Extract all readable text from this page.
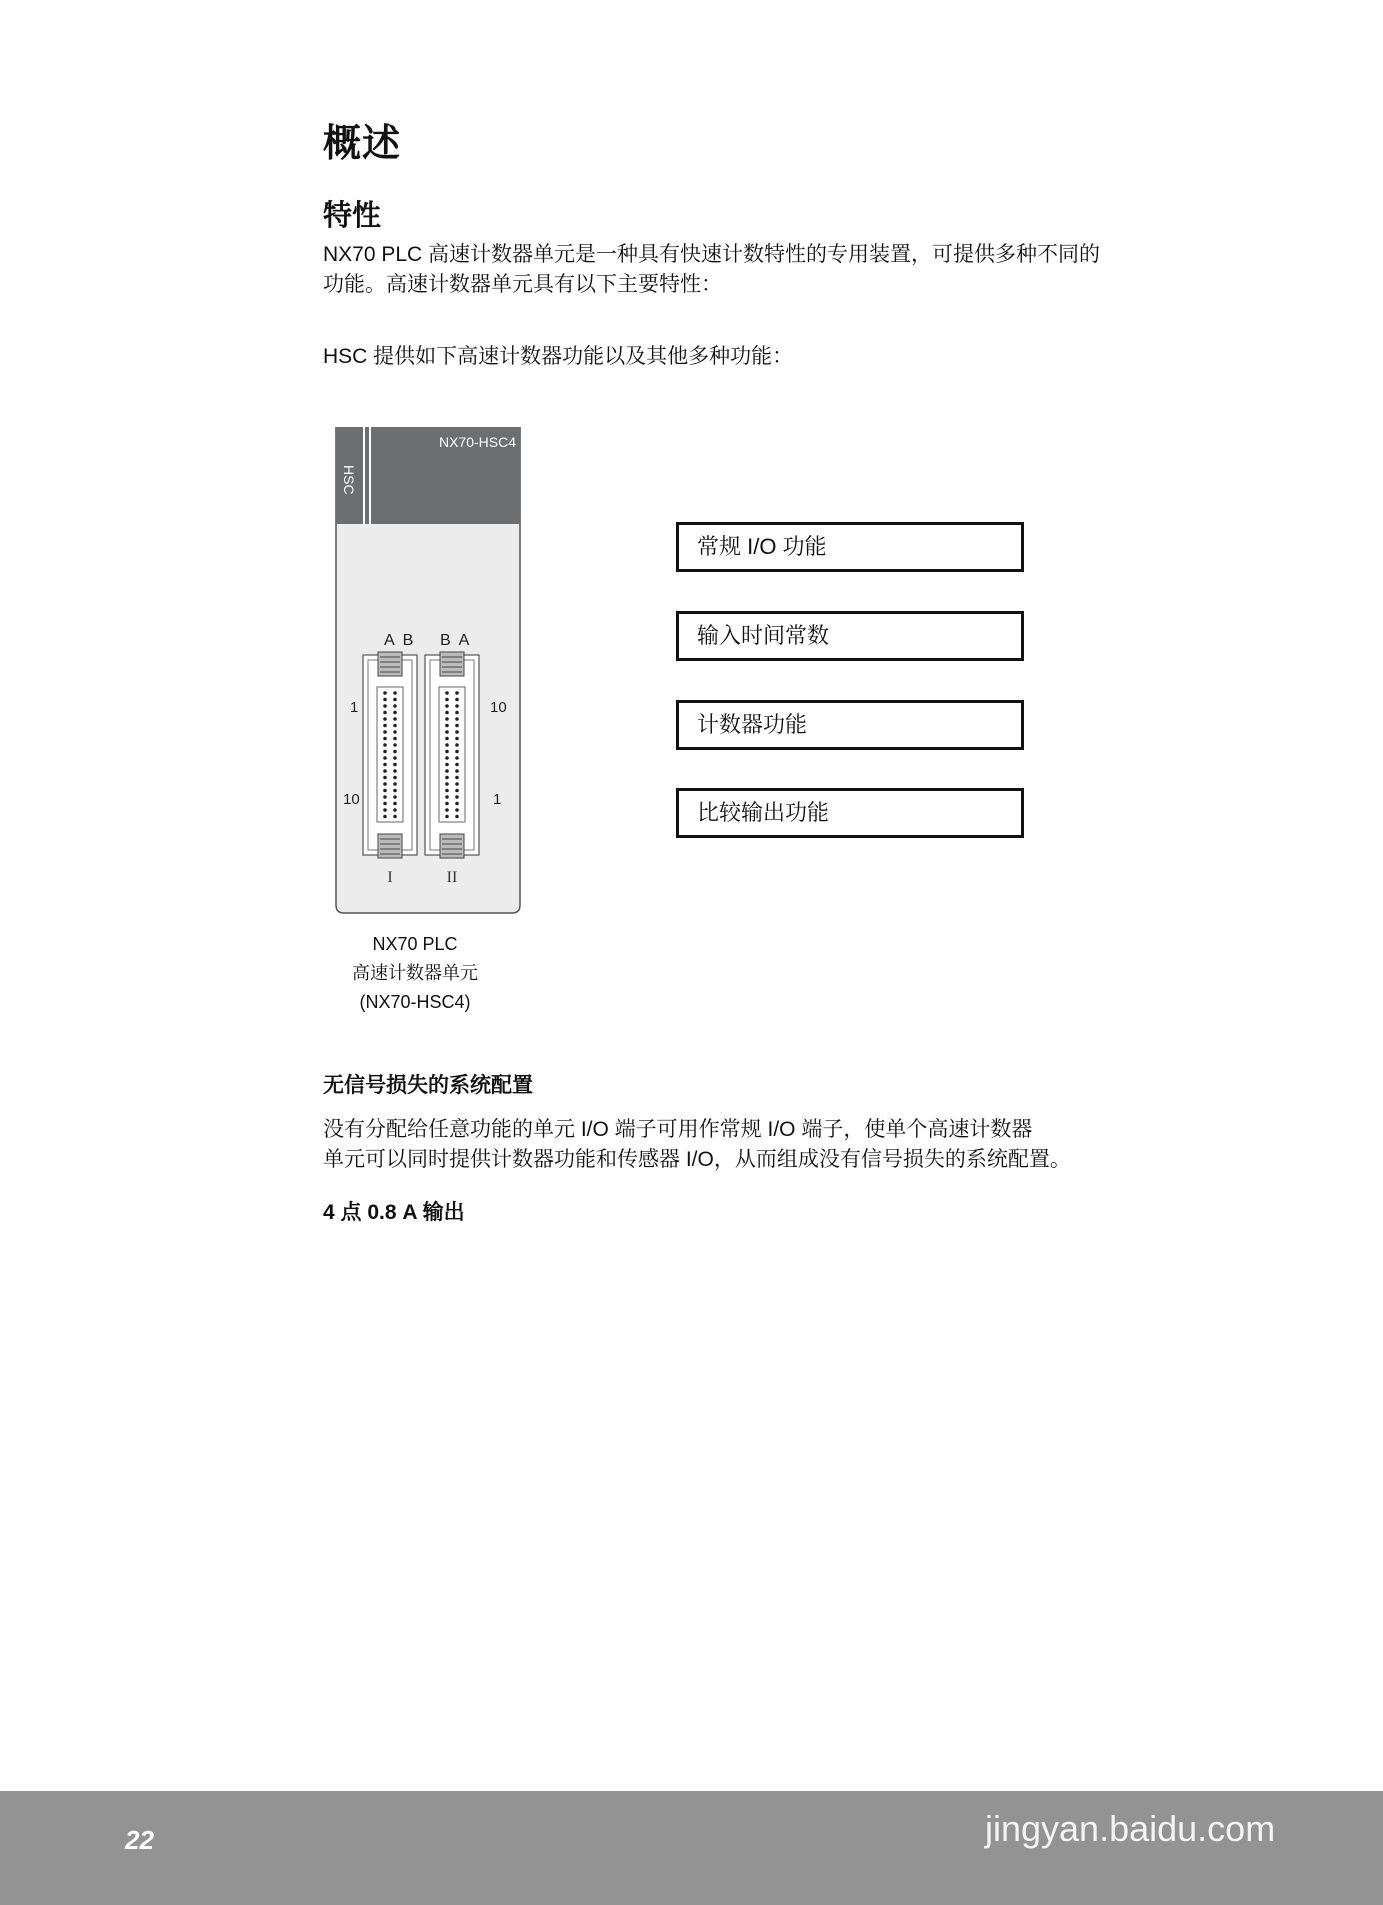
概述
特性
NX70 PLC 高速计数器单元是一种具有快速计数特性的专用装置，可提供多种不同的
功能。高速计数器单元具有以下主要特性：
HSC 提供如下高速计数器功能以及其他多种功能：
NX70-HSC4
HSC
A  B
1
10
I
B  A
10
1
II
NX70 PLC
高速计数器单元
(NX70-HSC4)
常规 I/O 功能
输入时间常数
计数器功能
比较输出功能
无信号损失的系统配置
没有分配给任意功能的单元 I/O 端子可用作常规 I/O 端子，使单个高速计数器
单元可以同时提供计数器功能和传感器 I/O，从而组成没有信号损失的系统配置。
4 点 0.8 A 输出
22
Bai du 经验
jingyan.baidu.com
